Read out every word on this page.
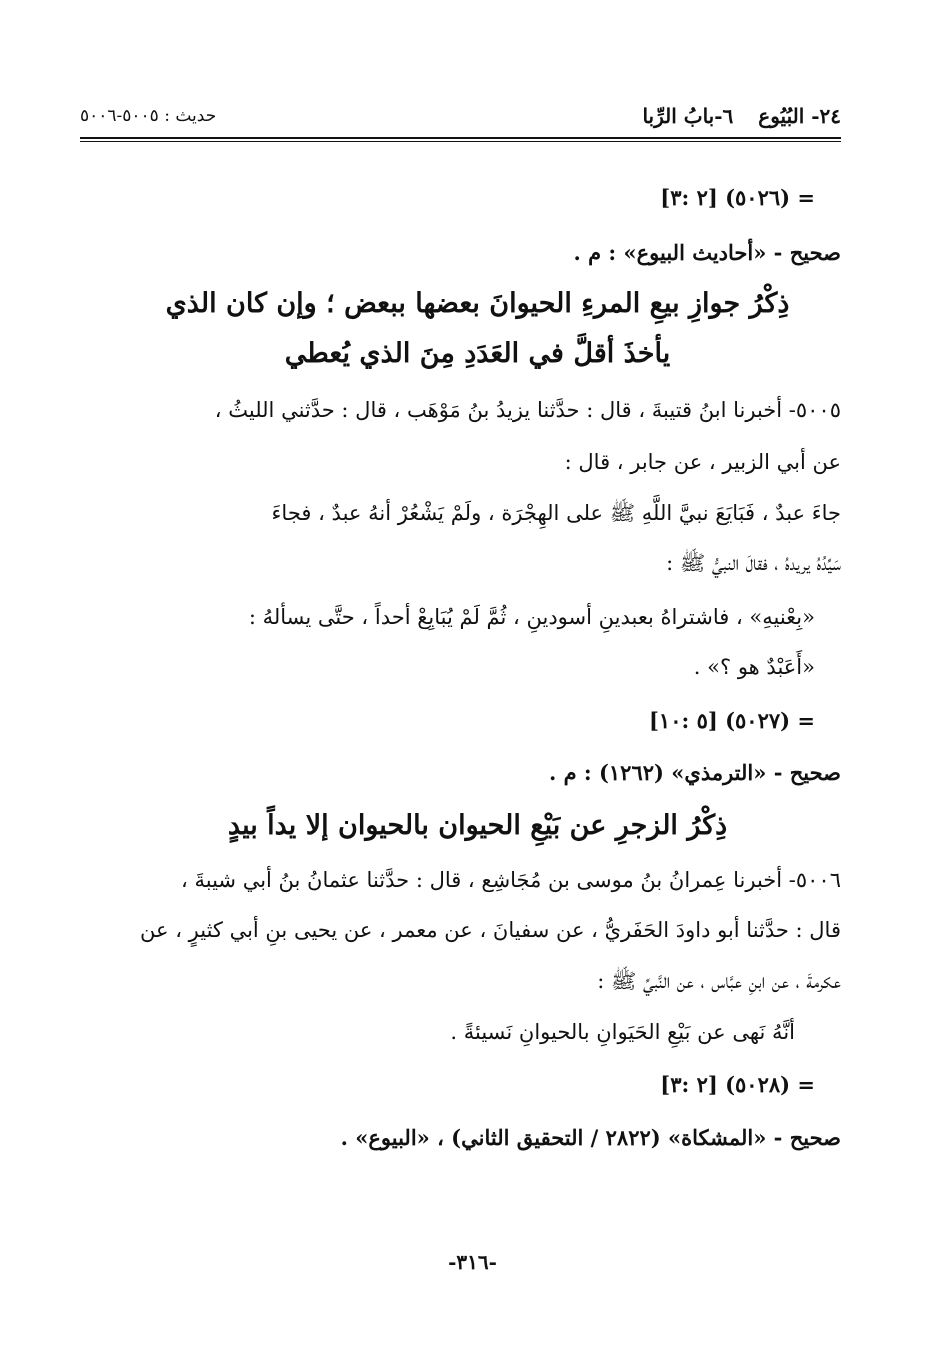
٢٤- البُيُوع ٦-بابُ الرِّبا
حديث : ٥٠٠٥-٥٠٠٦
= (٥٠٢٦) [٢ :٣]
صحيح - «أحاديث البيوع» : م .
ذِكْرُ جوازِ بيعِ المرءِ الحيوانَ بعضها ببعض ؛ وإن كان الذي
يأخذَ أقلَّ في العَدَدِ مِنَ الذي يُعطي
٥٠٠٥- أخبرنا ابنُ قتيبةَ ، قال : حدَّثنا يزيدُ بنُ مَوْهَب ، قال : حدَّثني الليثُ ،
عن أبي الزبير ، عن جابر ، قال :
جاءَ عبدٌ ، فَبَايَعَ نبيَّ اللَّهِ ﷺ على الهِجْرَة ، ولَمْ يَشْعُرْ أنهُ عبدٌ ، فجاءَ
سَيِّدُهُ يريدهُ ، فقالَ النبيُّ ﷺ :
«بِعْنيهِ» ، فاشتراهُ بعبدينِ أسودينِ ، ثُمَّ لَمْ يُبَايِعْ أحداً ، حتَّى يسألهُ :
«أَعَبْدٌ هو ؟» .
= (٥٠٢٧) [٥ :١٠]
صحيح - «الترمذي» (١٢٦٢) : م .
ذِكْرُ الزجرِ عن بَيْعِ الحيوان بالحيوان إلا يداً بيدٍ
٥٠٠٦- أخبرنا عِمرانُ بنُ موسى بن مُجَاشِع ، قال : حدَّثنا عثمانُ بنُ أبي شيبةَ ،
قال : حدَّثنا أبو داودَ الحَفَريُّ ، عن سفيانَ ، عن معمر ، عن يحيى بنِ أبي كثيرٍ ، عن
عكرمةَ ، عن ابنِ عبَّاس ، عن النَّبيِّ ﷺ :
أنَّهُ نَهى عن بَيْعِ الحَيَوانِ بالحيوانِ نَسيئةً .
= (٥٠٢٨) [٢ :٣]
صحيح - «المشكاة» (٢٨٢٢ / التحقيق الثاني) ، «البيوع» .
-٣١٦-
